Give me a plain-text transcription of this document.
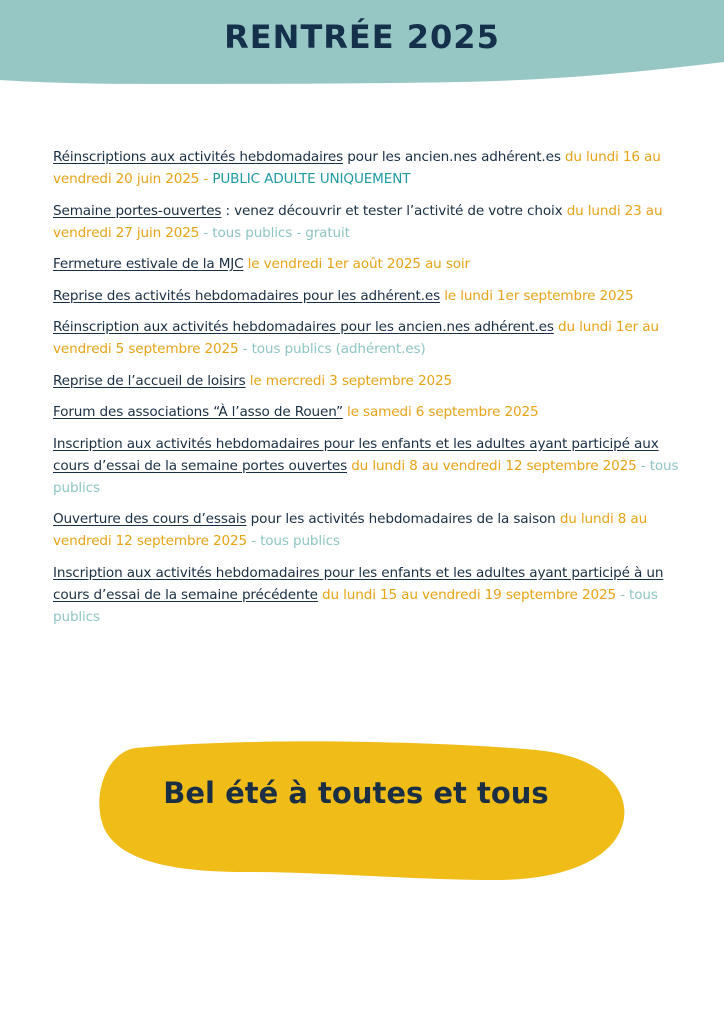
RENTRÉE 2025
Réinscriptions aux activités hebdomadaires pour les ancien.nes adhérent.es du lundi 16 au vendredi 20 juin 2025 - PUBLIC ADULTE UNIQUEMENT
Semaine portes-ouvertes : venez découvrir et tester l’activité de votre choix du lundi 23 au vendredi 27 juin 2025 - tous publics - gratuit
Fermeture estivale de la MJC le vendredi 1er août 2025 au soir
Reprise des activités hebdomadaires pour les adhérent.es le lundi 1er septembre 2025
Réinscription aux activités hebdomadaires pour les ancien.nes adhérent.es du lundi 1er au vendredi 5 septembre 2025 - tous publics (adhérent.es)
Reprise de l’accueil de loisirs le mercredi 3 septembre 2025
Forum des associations “À l’asso de Rouen” le samedi 6 septembre 2025
Inscription aux activités hebdomadaires pour les enfants et les adultes ayant participé aux cours d’essai de la semaine portes ouvertes du lundi 8 au vendredi 12 septembre 2025 - tous publics
Ouverture des cours d’essais pour les activités hebdomadaires de la saison du lundi 8 au vendredi 12 septembre 2025 - tous publics
Inscription aux activités hebdomadaires pour les enfants et les adultes ayant participé à un cours d’essai de la semaine précédente du lundi 15 au vendredi 19 septembre 2025 - tous publics

Bel été à toutes et tous
